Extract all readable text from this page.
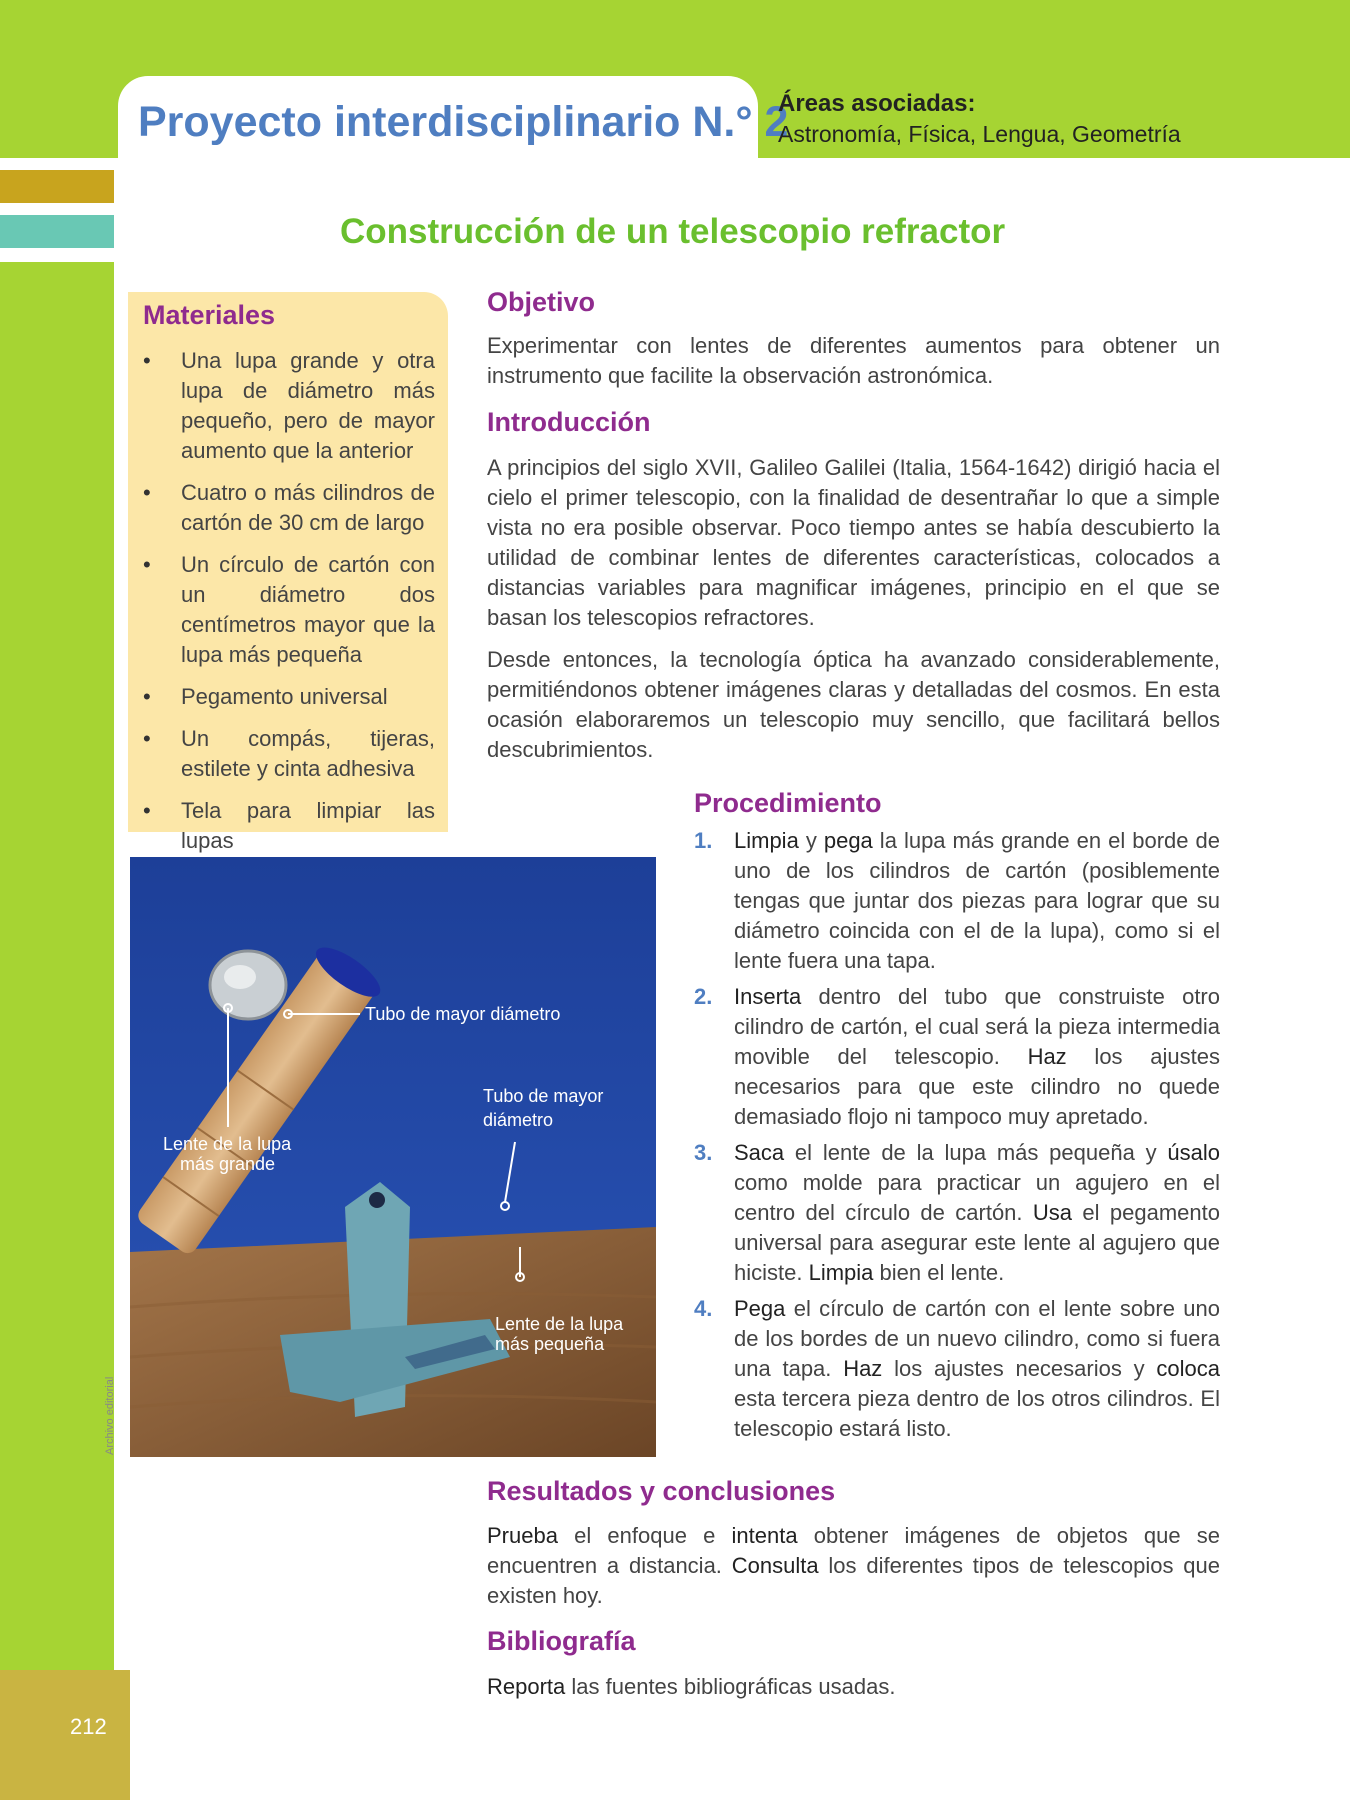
Proyecto interdisciplinario N.° 2
Áreas asociadas:
Astronomía, Física, Lengua, Geometría
212
Construcción de un telescopio refractor
Materiales
• Una lupa grande y otra lupa de diámetro más pequeño, pero de mayor aumento que la anterior
• Cuatro o más cilindros de cartón de 30 cm de largo
• Un círculo de cartón con un diámetro dos centímetros mayor que la lupa más pequeña
• Pegamento universal
• Un compás, tijeras, estilete y cinta adhesiva
• Tela para limpiar las lupas
Objetivo
Experimentar con lentes de diferentes aumentos para obtener un instrumento que facilite la observación astronómica.
Introducción
A principios del siglo XVII, Galileo Galilei (Italia, 1564-1642) dirigió hacia el cielo el primer telescopio, con la finalidad de desentrañar lo que a simple vista no era posible observar. Poco tiempo antes se había descubierto la utilidad de combinar lentes de diferentes características, colocados a distancias variables para magnificar imágenes, principio en el que se basan los telescopios refractores.
Desde entonces, la tecnología óptica ha avanzado considerablemente, permitiéndonos obtener imágenes claras y detalladas del cosmos. En esta ocasión elaboraremos un telescopio muy sencillo, que facilitará bellos descubrimientos.
Tubo de mayor diámetro
Tubo de mayor
diámetro
Lente de la lupa
más grande
Lente de la lupa
más pequeña
Archivo editorial
Procedimiento
1. Limpia y pega la lupa más grande en el borde de uno de los cilindros de cartón (posiblemente tengas que juntar dos piezas para lograr que su diámetro coincida con el de la lupa), como si el lente fuera una tapa.
2. Inserta dentro del tubo que construiste otro cilindro de cartón, el cual será la pieza intermedia movible del telescopio. Haz los ajustes necesarios para que este cilindro no quede demasiado flojo ni tampoco muy apretado.
3. Saca el lente de la lupa más pequeña y úsalo como molde para practicar un agujero en el centro del círculo de cartón. Usa el pegamento universal para asegurar este lente al agujero que hiciste. Limpia bien el lente.
4. Pega el círculo de cartón con el lente sobre uno de los bordes de un nuevo cilindro, como si fuera una tapa. Haz los ajustes necesarios y coloca esta tercera pieza dentro de los otros cilindros. El telescopio estará listo.
Resultados y conclusiones
Prueba el enfoque e intenta obtener imágenes de objetos que se encuentren a distancia. Consulta los diferentes tipos de telescopios que existen hoy.
Bibliografía
Reporta las fuentes bibliográficas usadas.
